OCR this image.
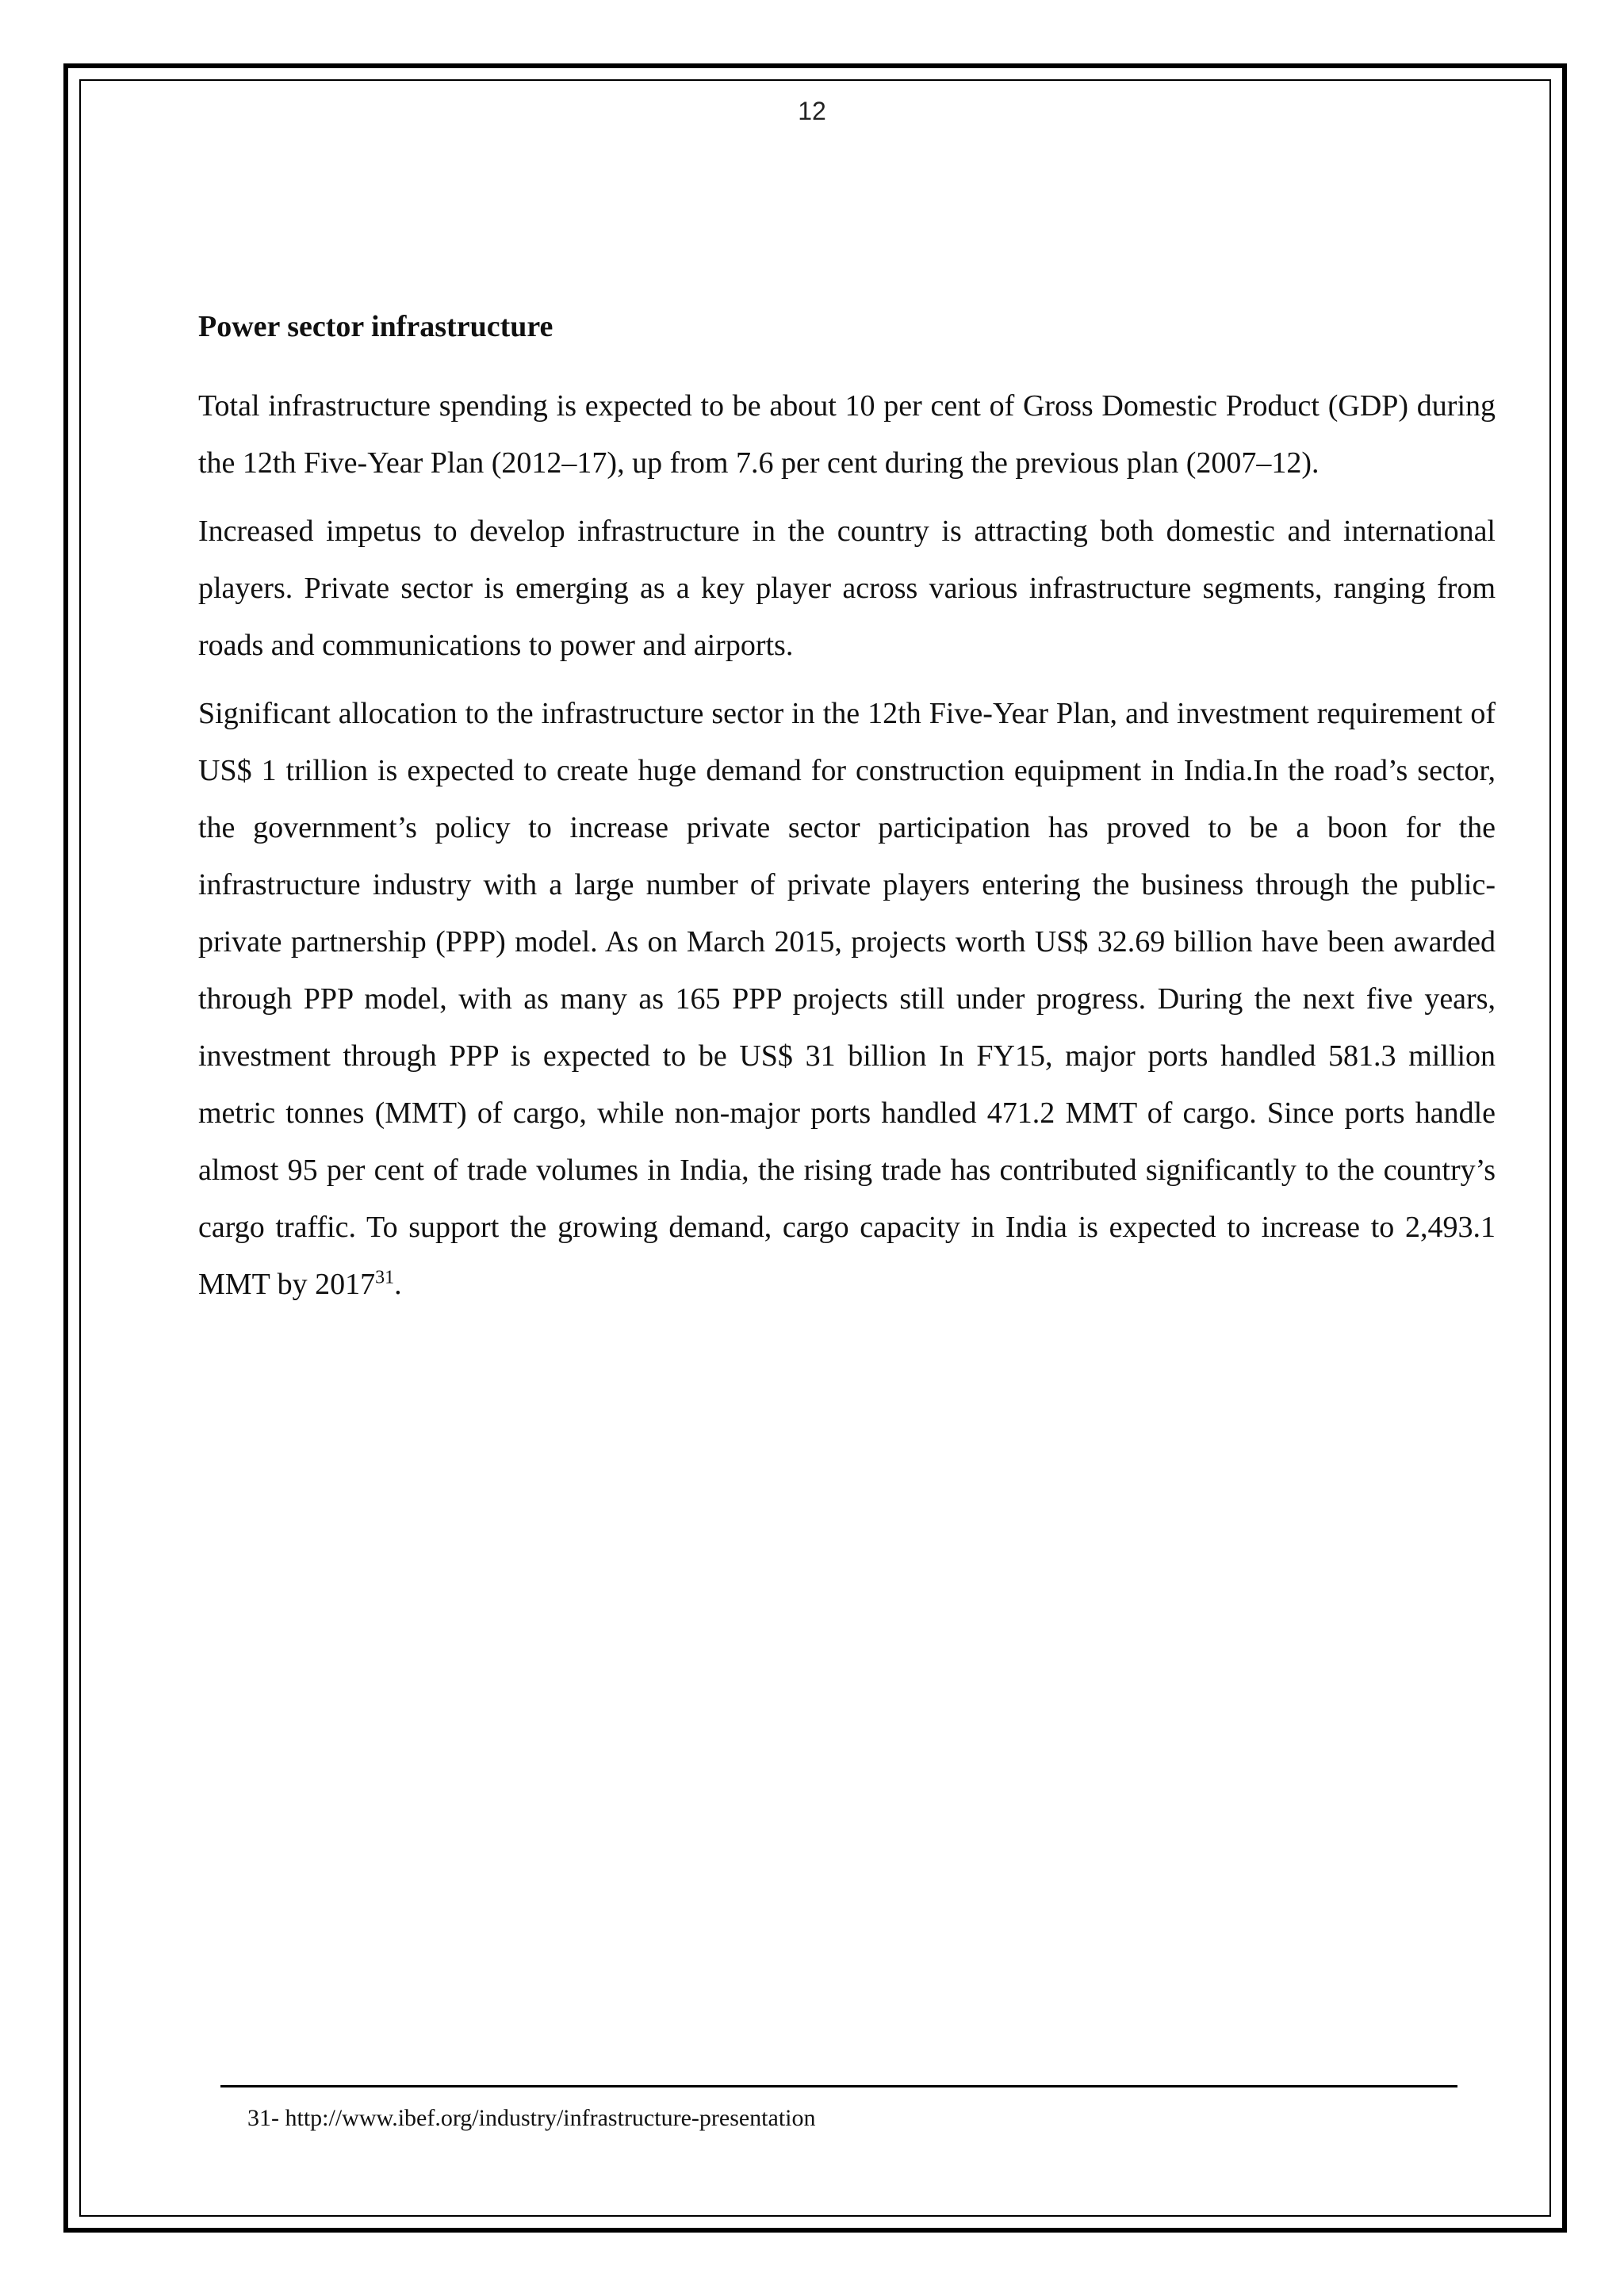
12
Power sector infrastructure

Total infrastructure spending is expected to be about 10 per cent of Gross Domestic Product (GDP) during the 12th Five-Year Plan (2012–17), up from 7.6 per cent during the previous plan (2007–12).

Increased impetus to develop infrastructure in the country is attracting both domestic and international players. Private sector is emerging as a key player across various infrastructure segments, ranging from roads and communications to power and airports.

Significant allocation to the infrastructure sector in the 12th Five-Year Plan, and investment requirement of US$ 1 trillion is expected to create huge demand for construction equipment in India.In the road’s sector, the government’s policy to increase private sector participation has proved to be a boon for the infrastructure industry with a large number of private players entering the business through the public-private partnership (PPP) model. As on March 2015, projects worth US$ 32.69 billion have been awarded through PPP model, with as many as 165 PPP projects still under progress. During the next five years, investment through PPP is expected to be US$ 31 billion In FY15, major ports handled 581.3 million metric tonnes (MMT) of cargo, while non-major ports handled 471.2 MMT of cargo. Since ports handle almost 95 per cent of trade volumes in India, the rising trade has contributed significantly to the country’s cargo traffic. To support the growing demand, cargo capacity in India is expected to increase to 2,493.1 MMT by 2017$^{31}$.

31- http://www.ibef.org/industry/infrastructure-presentation
